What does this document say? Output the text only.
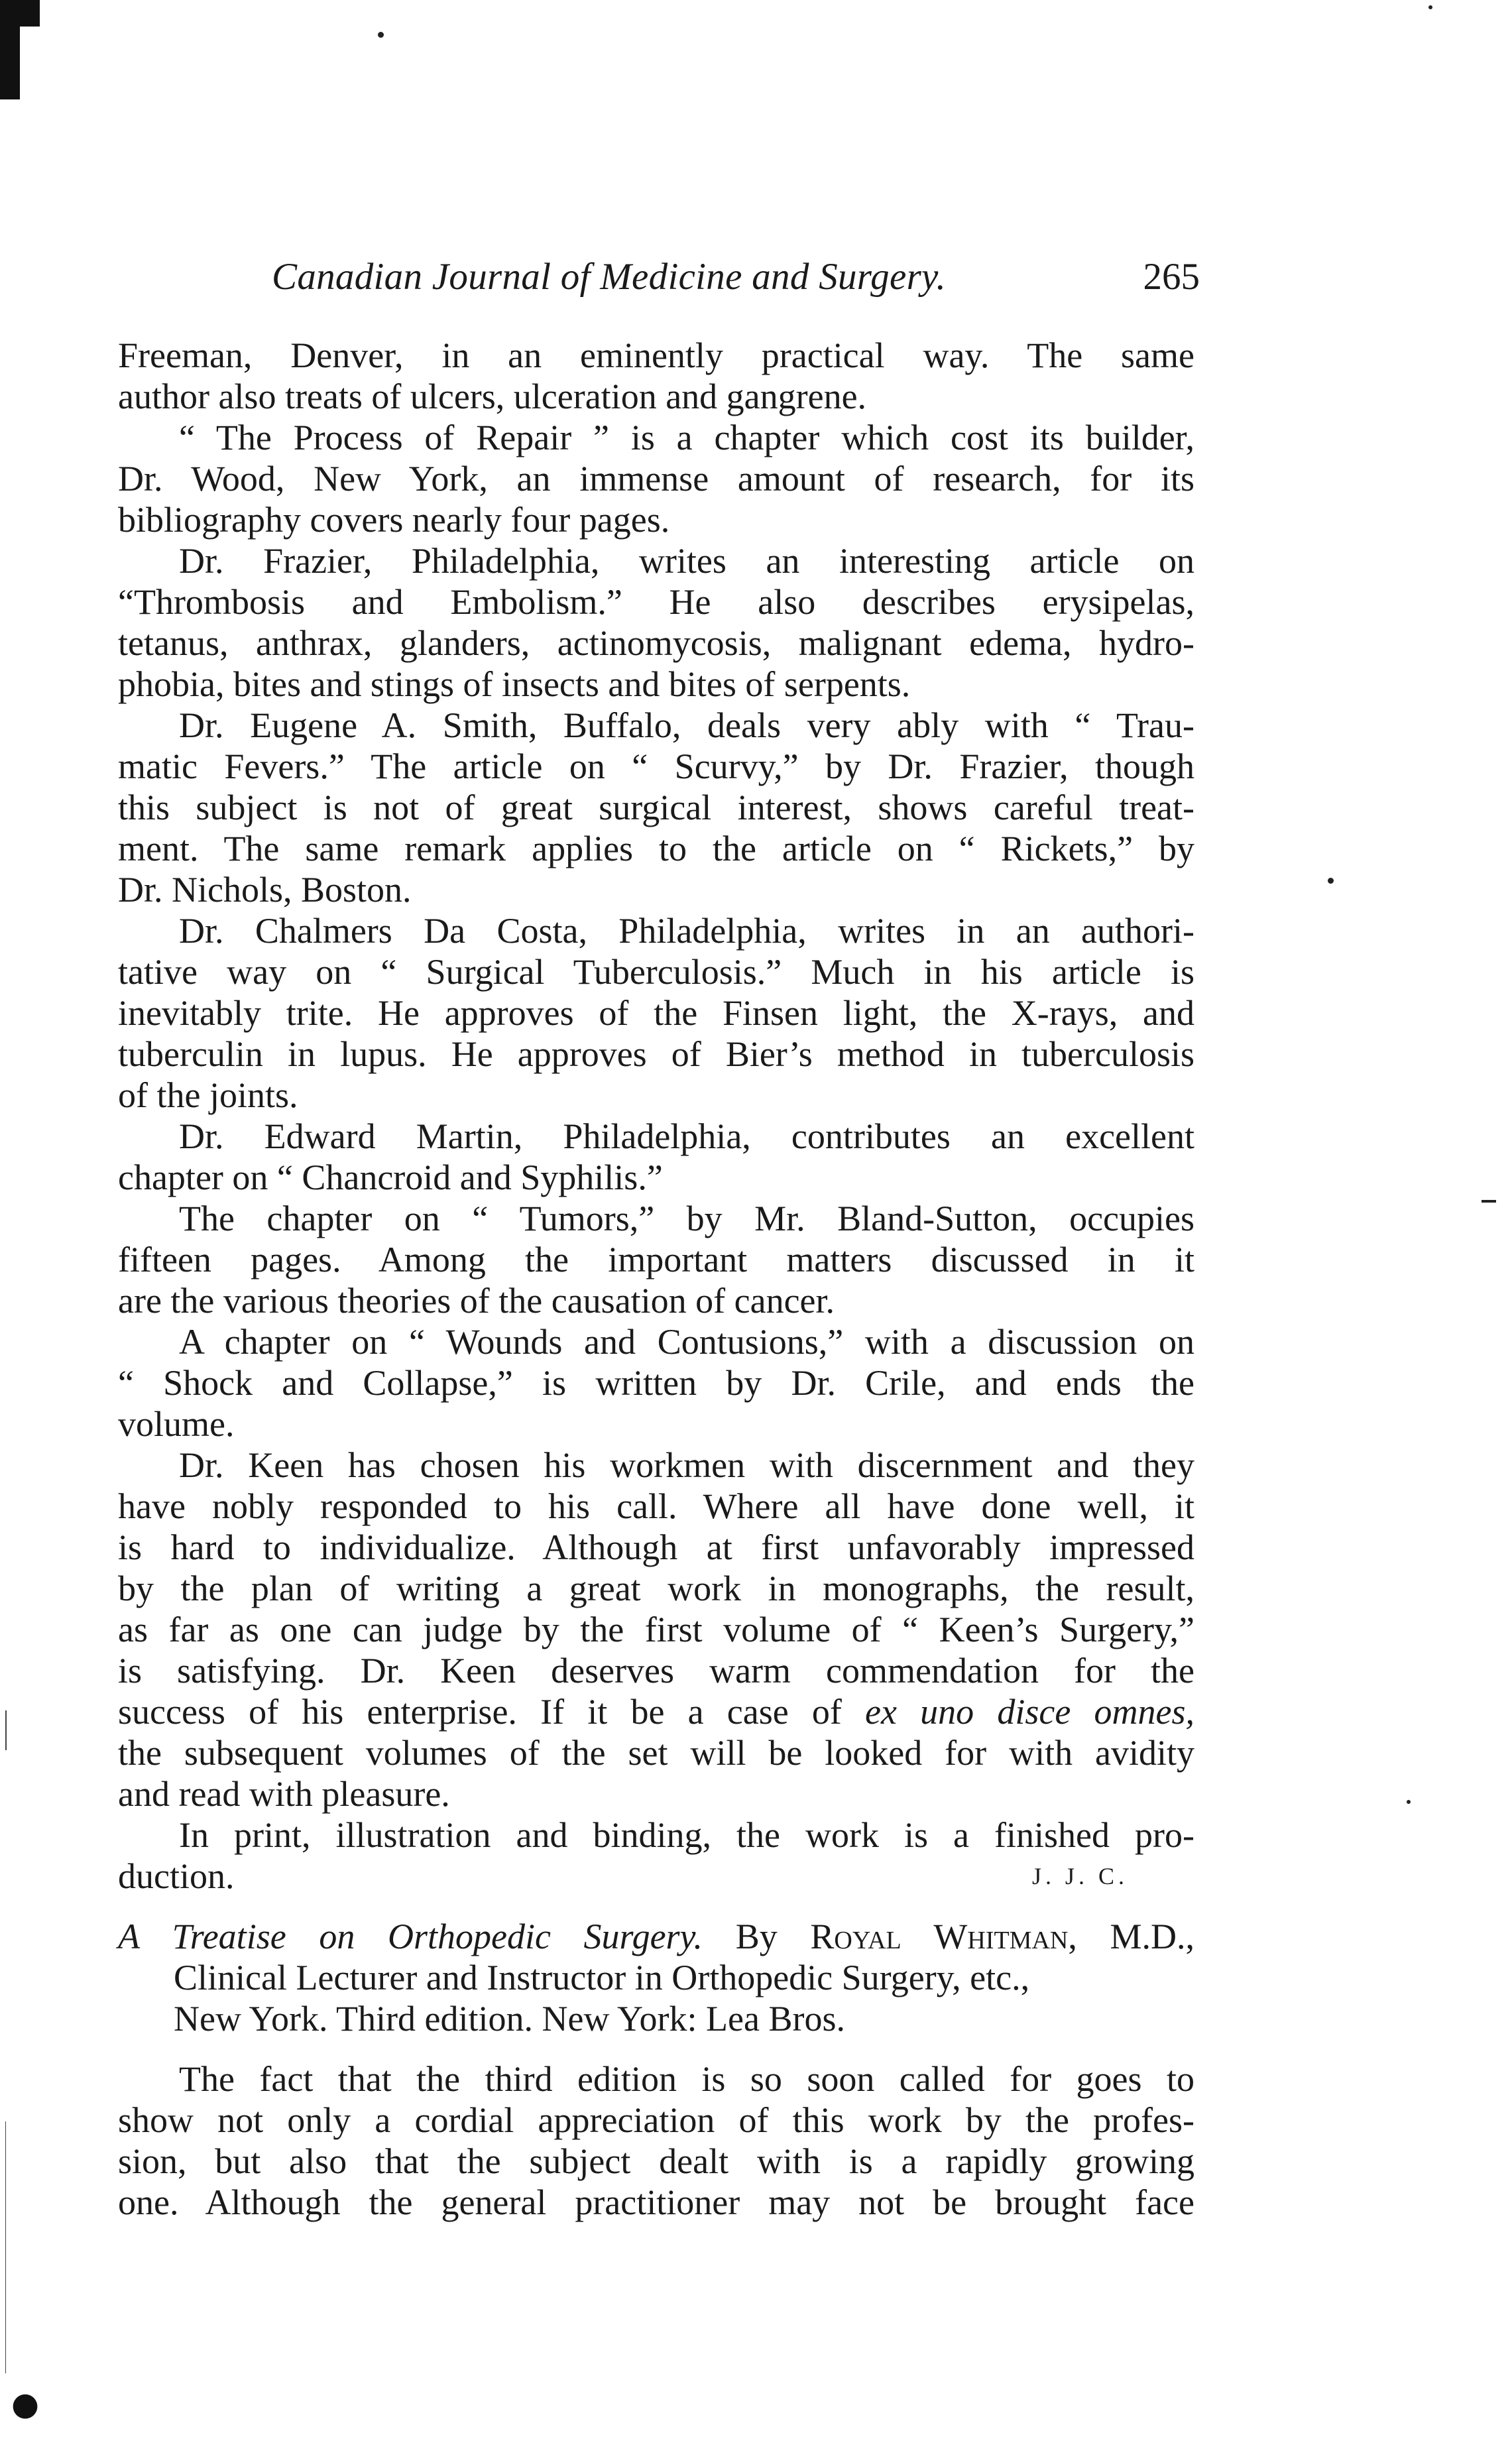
Canadian Journal of Medicine and Surgery.	265
Freeman, Denver, in an eminently practical way. The same
author also treats of ulcers, ulceration and gangrene.
“ The Process of Repair ” is a chapter which cost its builder,
Dr. Wood, New York, an immense amount of research, for its
bibliography covers nearly four pages.
Dr. Frazier, Philadelphia, writes an interesting article on
“Thrombosis and Embolism.” He also describes erysipelas,
tetanus, anthrax, glanders, actinomycosis, malignant edema, hydro-
phobia, bites and stings of insects and bites of serpents.
Dr. Eugene A. Smith, Buffalo, deals very ably with “ Trau-
matic Fevers.” The article on “ Scurvy,” by Dr. Frazier, though
this subject is not of great surgical interest, shows careful treat-
ment. The same remark applies to the article on “ Rickets,” by
Dr. Nichols, Boston.
Dr. Chalmers Da Costa, Philadelphia, writes in an authori-
tative way on “ Surgical Tuberculosis.” Much in his article is
inevitably trite. He approves of the Finsen light, the X-rays, and
tuberculin in lupus. He approves of Bier’s method in tuberculosis
of the joints.
Dr. Edward Martin, Philadelphia, contributes an excellent
chapter on “ Chancroid and Syphilis.”
The chapter on “ Tumors,” by Mr. Bland-Sutton, occupies
fifteen pages. Among the important matters discussed in it
are the various theories of the causation of cancer.
A chapter on “ Wounds and Contusions,” with a discussion on
“ Shock and Collapse,” is written by Dr. Crile, and ends the
volume.
Dr. Keen has chosen his workmen with discernment and they
have nobly responded to his call. Where all have done well, it
is hard to individualize. Although at first unfavorably impressed
by the plan of writing a great work in monographs, the result,
as far as one can judge by the first volume of “ Keen’s Surgery,”
is satisfying. Dr. Keen deserves warm commendation for the
success of his enterprise. If it be a case of ex uno disce omnes,
the subsequent volumes of the set will be looked for with avidity
and read with pleasure.
In print, illustration and binding, the work is a finished pro-
duction.	J. J. C.
A Treatise on Orthopedic Surgery. By Royal Whitman, M.D.,
Clinical Lecturer and Instructor in Orthopedic Surgery, etc.,
New York. Third edition. New York: Lea Bros.
The fact that the third edition is so soon called for goes to
show not only a cordial appreciation of this work by the profes-
sion, but also that the subject dealt with is a rapidly growing
one. Although the general practitioner may not be brought face
